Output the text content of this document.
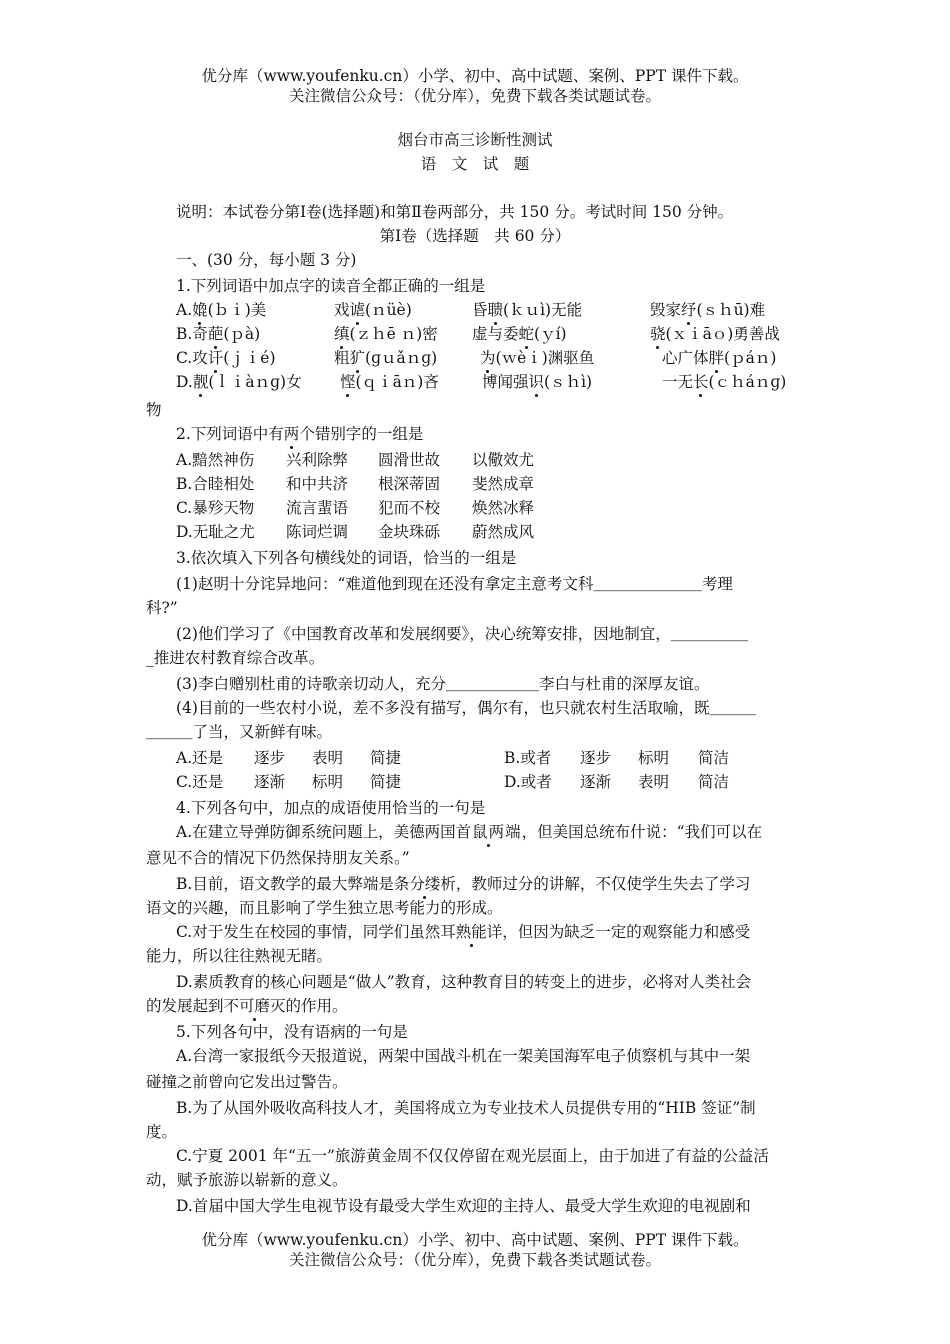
优分库（www.youfenku.cn）小学、初中、高中试题、案例、PPT 课件下载。
关注微信公众号：（优分库），免费下载各类试题试卷。
烟台市高三诊断性测试
语　文　试　题
说明：本试卷分第Ⅰ卷(选择题)和第Ⅱ卷两部分，共 150 分。考试时间 150 分钟。
第Ⅰ卷（选择题　共 60 分）
一、(30 分，每小题 3 分)
1.下列词语中加点字的读音全都正确的一组是
A.嫓(ｂｉ)美	戏谑(ｎüè)	昏聩(ｋｕì)无能	毁家纾(ｓｈū)难
B.奇葩(ｐà)	缜(ｚｈē ｎ)密 虚与委蛇(ｙí)	骁(ｘｉāｏ)勇善战
C.攻讦(ｊｉé)	粗犷(ɡｕǎｎɡ)	为(ｗèｉ)渊驱鱼	心广体胖(ｐáｎ)
D.靓(ｌｉàｎɡ)女 悭(ｑｉāｎ)吝	博闻强识(ｓｈì)	一无长(ｃｈáｎɡ)
物
2.下列词语中有两个错别字的一组是
A.黯然神伤 兴利除弊 圆滑世故 以儆效尤
B.合睦相处 和中共济 根深蒂固 斐然成章
C.暴殄天物 流言蜚语 犯而不校 焕然冰释
D.无耻之尤 陈词烂调 金块珠砾 蔚然成风
3.依次填入下列各句横线处的词语，恰当的一组是
(1)赵明十分诧异地问：“难道他到现在还没有拿定主意考文科＿＿＿＿＿＿＿考理
科?”
(2)他们学习了《中国教育改革和发展纲要》，决心统筹安排，因地制宜，＿＿＿＿＿
_推进农村教育综合改革。
(3)李白赠别杜甫的诗歌亲切动人，充分＿＿＿＿＿＿李白与杜甫的深厚友谊。
(4)目前的一些农村小说，差不多没有描写，偶尔有，也只就农村生活取喻，既＿＿＿
＿＿＿了当，又新鲜有味。
A.还是 逐步 表明 简捷	B.或者 逐步 标明 简洁
C.还是 逐渐 标明 简捷	D.或者 逐渐 表明 简洁
4.下列各句中，加点的成语使用恰当的一句是
A.在建立导弹防御系统问题上，美德两国首鼠两端，但美国总统布什说：“我们可以在
意见不合的情况下仍然保持朋友关系。”
B.目前，语文教学的最大弊端是条分缕析，教师过分的讲解，不仅使学生失去了学习
语文的兴趣，而且影响了学生独立思考能力的形成。
C.对于发生在校园的事情，同学们虽然耳熟能详，但因为缺乏一定的观察能力和感受
能力，所以往往熟视无睹。
D.素质教育的核心问题是“做人”教育，这种教育目的转变上的进步，必将对人类社会
的发展起到不可磨灭的作用。
5.下列各句中，没有语病的一句是
A.台湾一家报纸今天报道说，两架中国战斗机在一架美国海军电子侦察机与其中一架
碰撞之前曾向它发出过警告。
B.为了从国外吸收高科技人才，美国将成立为专业技术人员提供专用的“HIB 签证”制
度。
C.宁夏 2001 年“五一”旅游黄金周不仅仅停留在观光层面上，由于加进了有益的公益活
动，赋予旅游以崭新的意义。
D.首届中国大学生电视节设有最受大学生欢迎的主持人、最受大学生欢迎的电视剧和
优分库（www.youfenku.cn）小学、初中、高中试题、案例、PPT 课件下载。
关注微信公众号：（优分库），免费下载各类试题试卷。
